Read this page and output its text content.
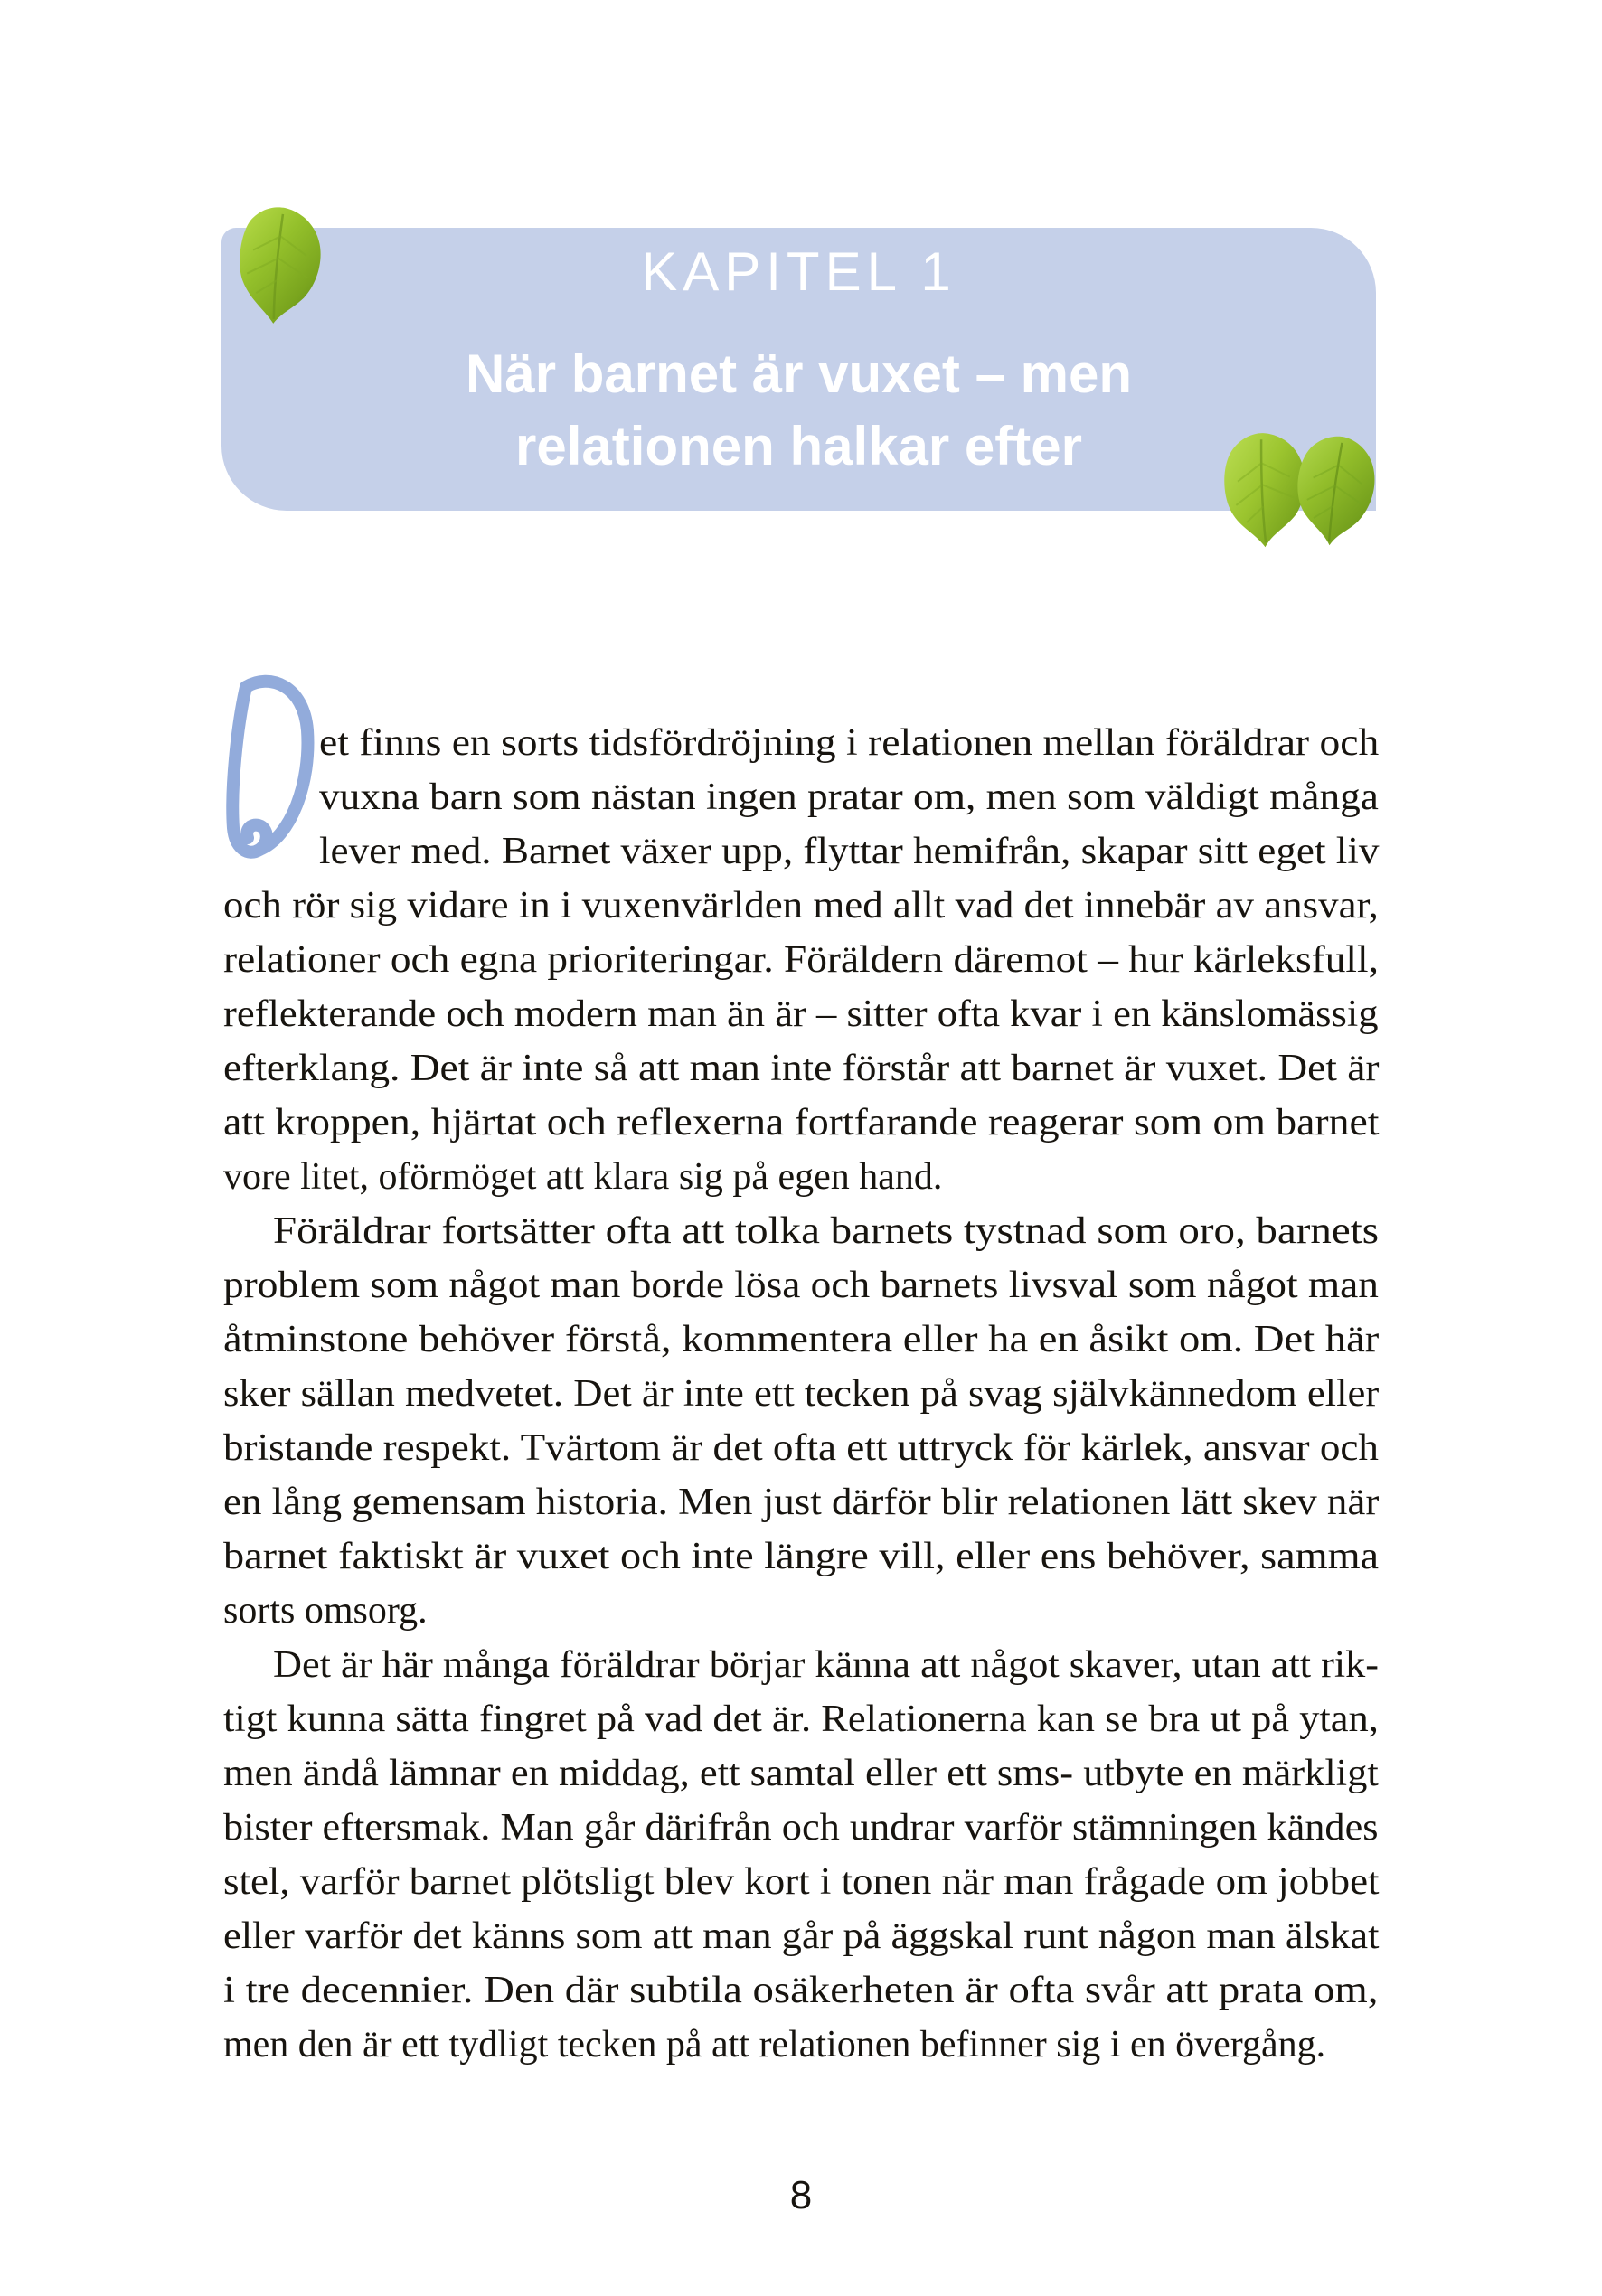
KAPITEL 1
När barnet är vuxet – men
relationen halkar efter
et finns en sorts tidsfördröjning i relationen mellan föräldrar och
vuxna barn som nästan ingen pratar om, men som väldigt många
lever med. Barnet växer upp, flyttar hemifrån, skapar sitt eget liv
och rör sig vidare in i vuxenvärlden med allt vad det innebär av ansvar,
relationer och egna prioriteringar. Föräldern däremot – hur kärleksfull,
reflekterande och modern man än är – sitter ofta kvar i en känslomässig
efterklang. Det är inte så att man inte förstår att barnet är vuxet. Det är
att kroppen, hjärtat och reflexerna fortfarande reagerar som om barnet
vore litet, oförmöget att klara sig på egen hand.
Föräldrar fortsätter ofta att tolka barnets tystnad som oro, barnets
problem som något man borde lösa och barnets livsval som något man
åtminstone behöver förstå, kommentera eller ha en åsikt om. Det här
sker sällan medvetet. Det är inte ett tecken på svag självkännedom eller
bristande respekt. Tvärtom är det ofta ett uttryck för kärlek, ansvar och
en lång gemensam historia. Men just därför blir relationen lätt skev när
barnet faktiskt är vuxet och inte längre vill, eller ens behöver, samma
sorts omsorg.
Det är här många föräldrar börjar känna att något skaver, utan att rik-
tigt kunna sätta fingret på vad det är. Relationerna kan se bra ut på ytan,
men ändå lämnar en middag, ett samtal eller ett sms- utbyte en märkligt
bister eftersmak. Man går därifrån och undrar varför stämningen kändes
stel, varför barnet plötsligt blev kort i tonen när man frågade om jobbet
eller varför det känns som att man går på äggskal runt någon man älskat
i tre decennier. Den där subtila osäkerheten är ofta svår att prata om,
men den är ett tydligt tecken på att relationen befinner sig i en övergång.
8
